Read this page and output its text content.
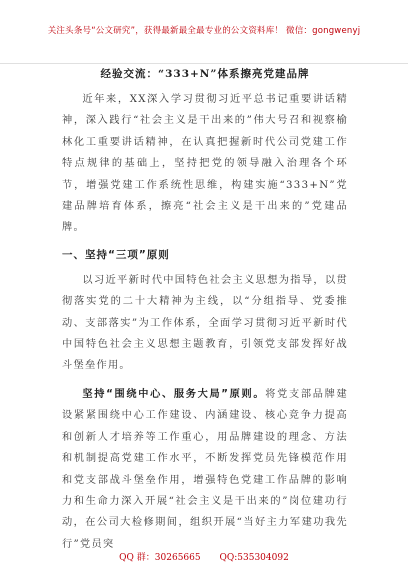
关注头条号“公文研究”，获得最新最全最专业的公文资料库！ 微信：gongwenyj

经验交流：“333+N”体系擦亮党建品牌

近年来，XX深入学习贯彻习近平总书记重要讲话精神，深入践行“社会主义是干出来的”伟大号召和视察榆林化工重要讲话精神，在认真把握新时代公司党建工作特点规律的基础上，坚持把党的领导融入治理各个环节，增强党建工作系统性思维，构建实施“333+N”党建品牌培育体系，擦亮“社会主义是干出来的”党建品牌。

一、坚持“三项”原则

以习近平新时代中国特色社会主义思想为指导，以贯彻落实党的二十大精神为主线，以“分组指导、党委推动、支部落实”为工作体系，全面学习贯彻习近平新时代中国特色社会主义思想主题教育，引领党支部发挥好战斗堡垒作用。

坚持“围绕中心、服务大局”原则。将党支部品牌建设紧紧围绕中心工作建设、内涵建设、核心竞争力提高和创新人才培养等工作重心，用品牌建设的理念、方法和机制提高党建工作水平，不断发挥党员先锋模范作用和党支部战斗堡垒作用，增强特色党建工作品牌的影响力和生命力深入开展“社会主义是干出来的”岗位建功行动，在公司大检修期间，组织开展“当好主力军建功我先行”党员突

QQ 群：30265665 QQ:535304092
